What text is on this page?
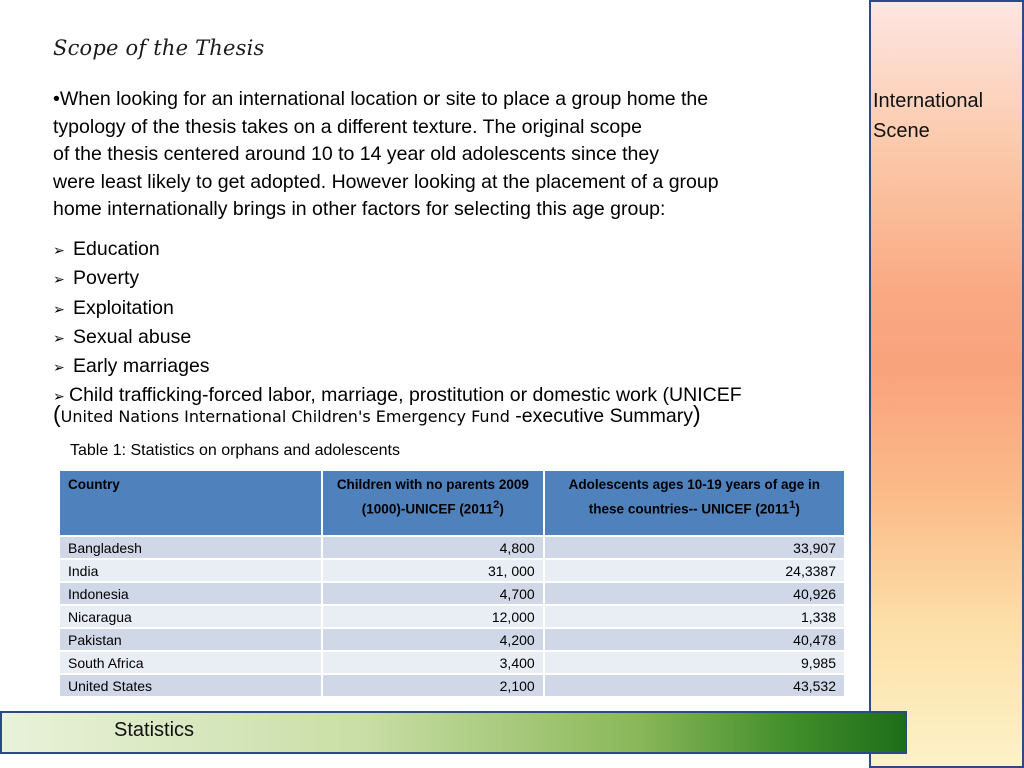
Scope of the Thesis
•When looking for an international location or site to place a group home the
typology of the thesis takes on a different texture. The original scope
of the thesis centered around 10 to 14 year old adolescents since they
were least likely to get adopted. However looking at the placement of a group
home internationally brings in other factors for selecting this age group:
➢ Education
➢ Poverty
➢ Exploitation
➢ Sexual abuse
➢ Early marriages
➢ Child trafficking-forced labor, marriage, prostitution or domestic work (UNICEF
(United Nations International Children's Emergency Fund -executive Summary)
Table 1: Statistics on orphans and adolescents
Country	Children with no parents 2009 (1000)-UNICEF (2011$^2$)	Adolescents ages 10-19 years of age in these countries-- UNICEF (2011$^1$)
Bangladesh	4,800	33,907
India	31, 000	24,3387
Indonesia	4,700	40,926
Nicaragua	12,000	1,338
Pakistan	4,200	40,478
South Africa	3,400	9,985
United States	2,100	43,532
International
Scene
Statistics
